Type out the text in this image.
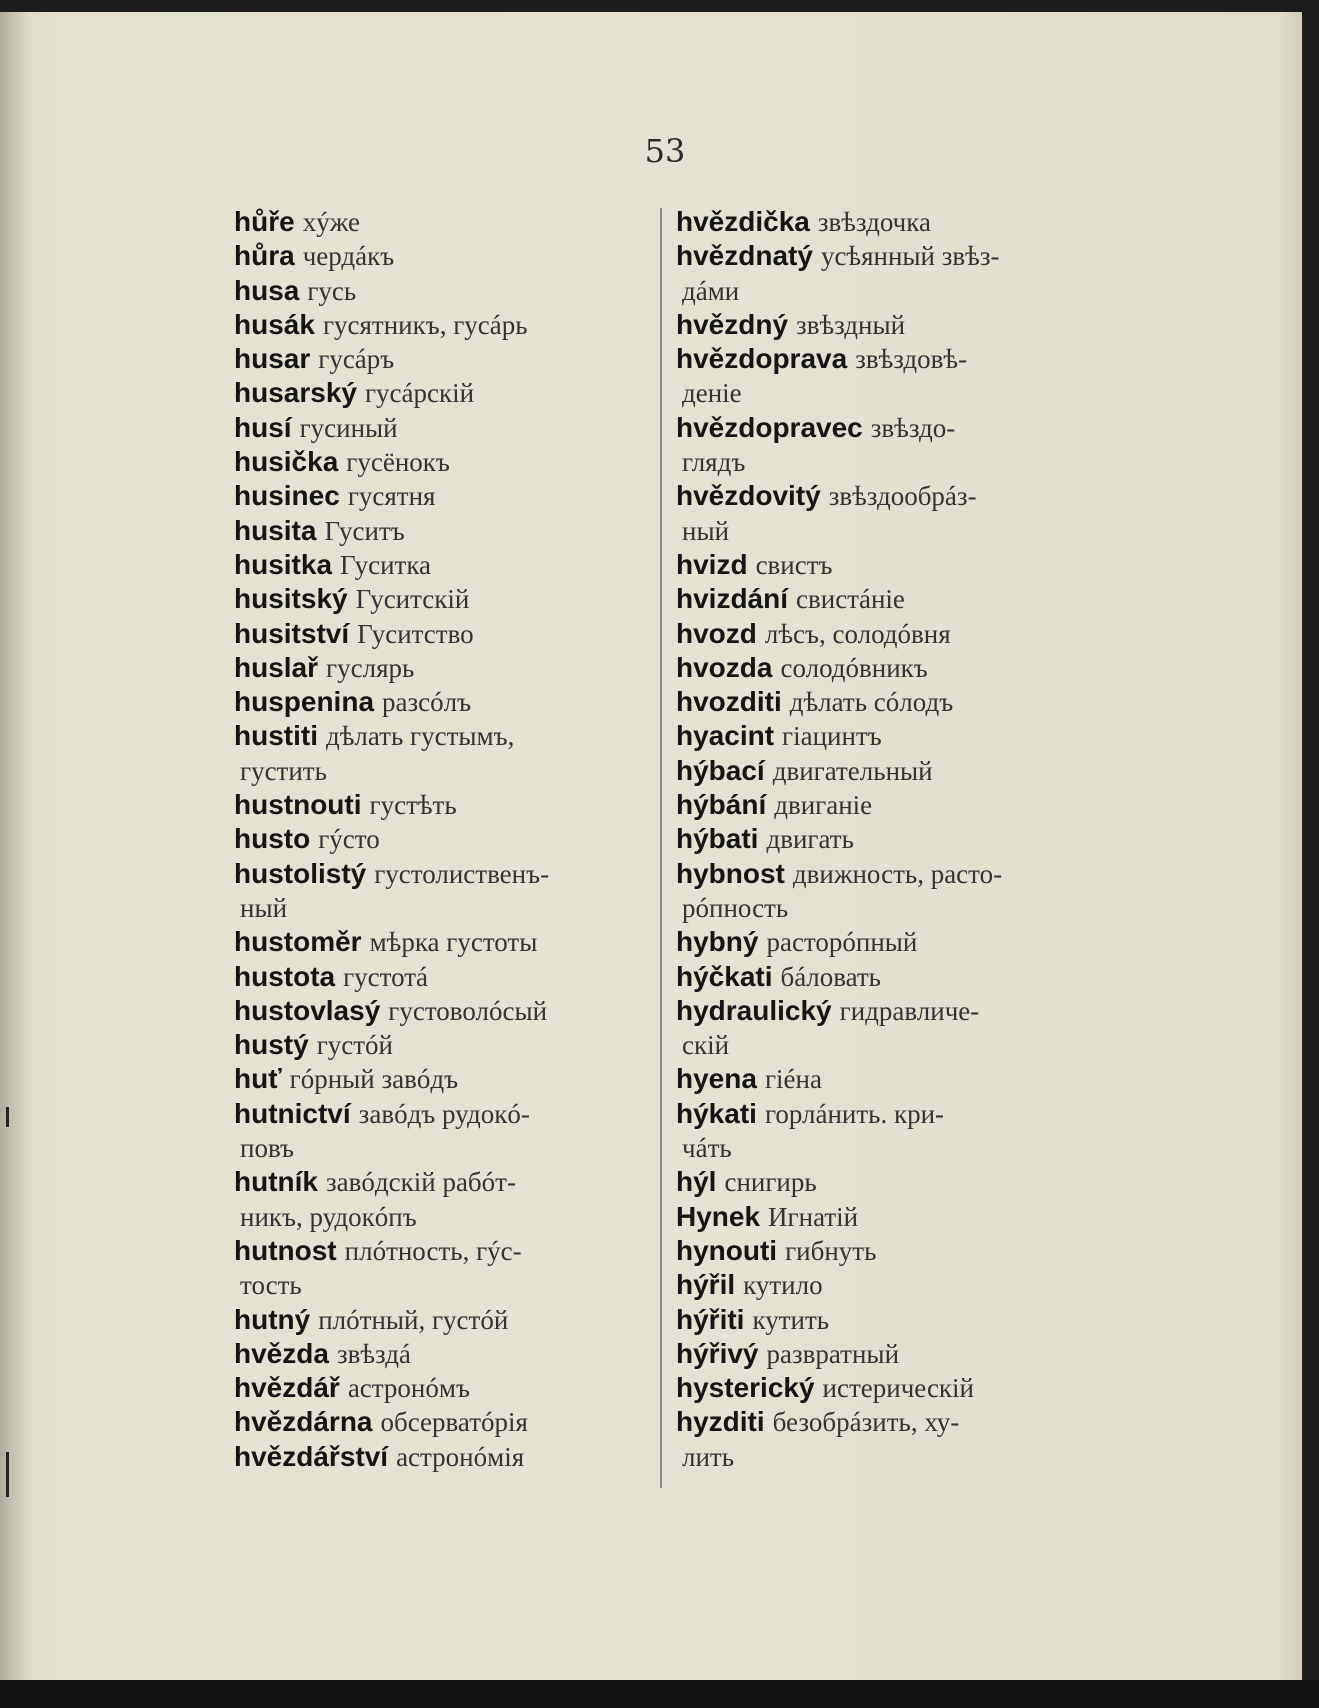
53
hůře хýже
hůra чердáкъ
husa гусь
husák гусятникъ, гусáрь
husar гусáръ
husarský гусáрскій
husí гусиный
husička гусёнокъ
husinec гусятня
husita Гуситъ
husitka Гуситка
husitský Гуситскій
husitství Гуситство
huslař гуслярь
huspenina разсóлъ
hustiti дѣлать густымъ,
густить
hustnouti густѣть
husto гýсто
hustolistý густолиственъ-
ный
hustoměr мѣрка густоты
hustota густотá
hustovlasý густоволóсый
hustý густóй
huť гóрный завóдъ
hutnictví завóдъ рудокó-
повъ
hutník завóдскій рабóт-
никъ, рудокóпъ
hutnost плóтность, гýс-
тость
hutný плóтный, густóй
hvězda звѣздá
hvězdář астронóмъ
hvězdárna обсерватóрія
hvězdářství астронóмія
hvězdička звѣздочка
hvězdnatý усѣянный звѣз-
дáми
hvězdný звѣздный
hvězdoprava звѣздовѣ-
деніе
hvězdopravec звѣздо-
глядъ
hvězdovitý звѣздообрáз-
ный
hvizd свистъ
hvizdání свистáніе
hvozd лѣсъ, солодóвня
hvozda солодóвникъ
hvozditi дѣлать сóлодъ
hyacint гіацинтъ
hýbací двигательный
hýbání двиганіе
hýbati двигать
hybnost движность, расто-
рóпность
hybný расторóпный
hýčkati бáловать
hydraulický гидравличе-
скій
hyena гіéна
hýkati горлáнить. кри-
чáть
hýl снигирь
Hynek Игнатій
hynouti гибнуть
hýřil кутило
hýřiti кутить
hýřivý развратный
hysterický истерическій
hyzditi безобрáзить, ху-
лить
